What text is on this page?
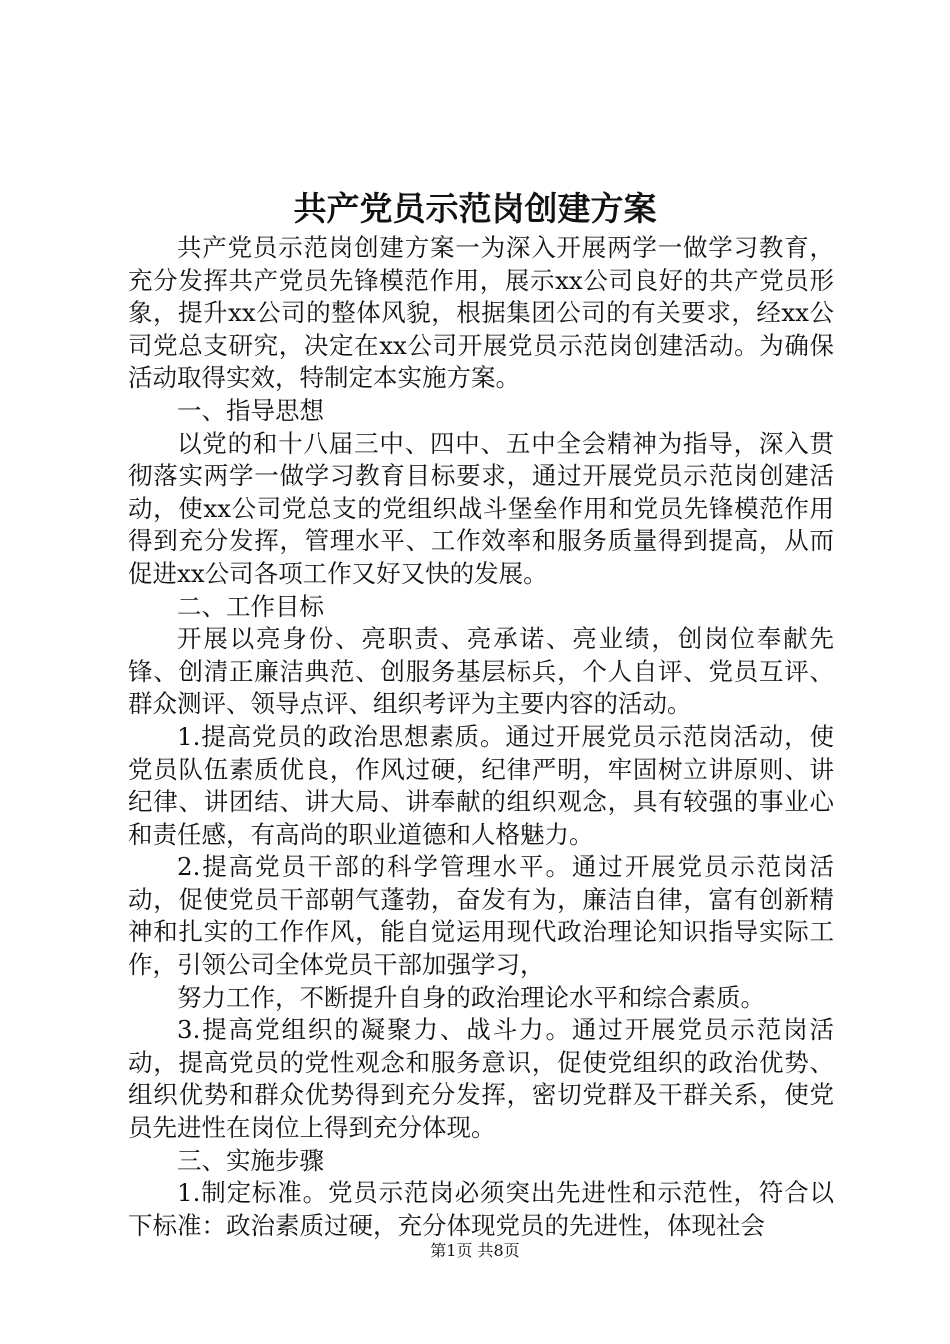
共产党员示范岗创建方案

共产党员示范岗创建方案一为深入开展两学一做学习教育，充分发挥共产党员先锋模范作用，展示xx公司良好的共产党员形象，提升xx公司的整体风貌，根据集团公司的有关要求，经xx公司党总支研究，决定在xx公司开展党员示范岗创建活动。为确保活动取得实效，特制定本实施方案。

一、指导思想

以党的和十八届三中、四中、五中全会精神为指导，深入贯彻落实两学一做学习教育目标要求，通过开展党员示范岗创建活动，使xx公司党总支的党组织战斗堡垒作用和党员先锋模范作用得到充分发挥，管理水平、工作效率和服务质量得到提高，从而促进xx公司各项工作又好又快的发展。

二、工作目标

开展以亮身份、亮职责、亮承诺、亮业绩，创岗位奉献先锋、创清正廉洁典范、创服务基层标兵，个人自评、党员互评、群众测评、领导点评、组织考评为主要内容的活动。

1.提高党员的政治思想素质。通过开展党员示范岗活动，使党员队伍素质优良，作风过硬，纪律严明，牢固树立讲原则、讲纪律、讲团结、讲大局、讲奉献的组织观念，具有较强的事业心和责任感，有高尚的职业道德和人格魅力。

2.提高党员干部的科学管理水平。通过开展党员示范岗活动，促使党员干部朝气蓬勃，奋发有为，廉洁自律，富有创新精神和扎实的工作作风，能自觉运用现代政治理论知识指导实际工作，引领公司全体党员干部加强学习，

努力工作，不断提升自身的政治理论水平和综合素质。

3.提高党组织的凝聚力、战斗力。通过开展党员示范岗活动，提高党员的党性观念和服务意识，促使党组织的政治优势、组织优势和群众优势得到充分发挥，密切党群及干群关系，使党员先进性在岗位上得到充分体现。

三、实施步骤

1.制定标准。党员示范岗必须突出先进性和示范性，符合以下标准：政治素质过硬，充分体现党员的先进性，体现社会

第1页 共8页
